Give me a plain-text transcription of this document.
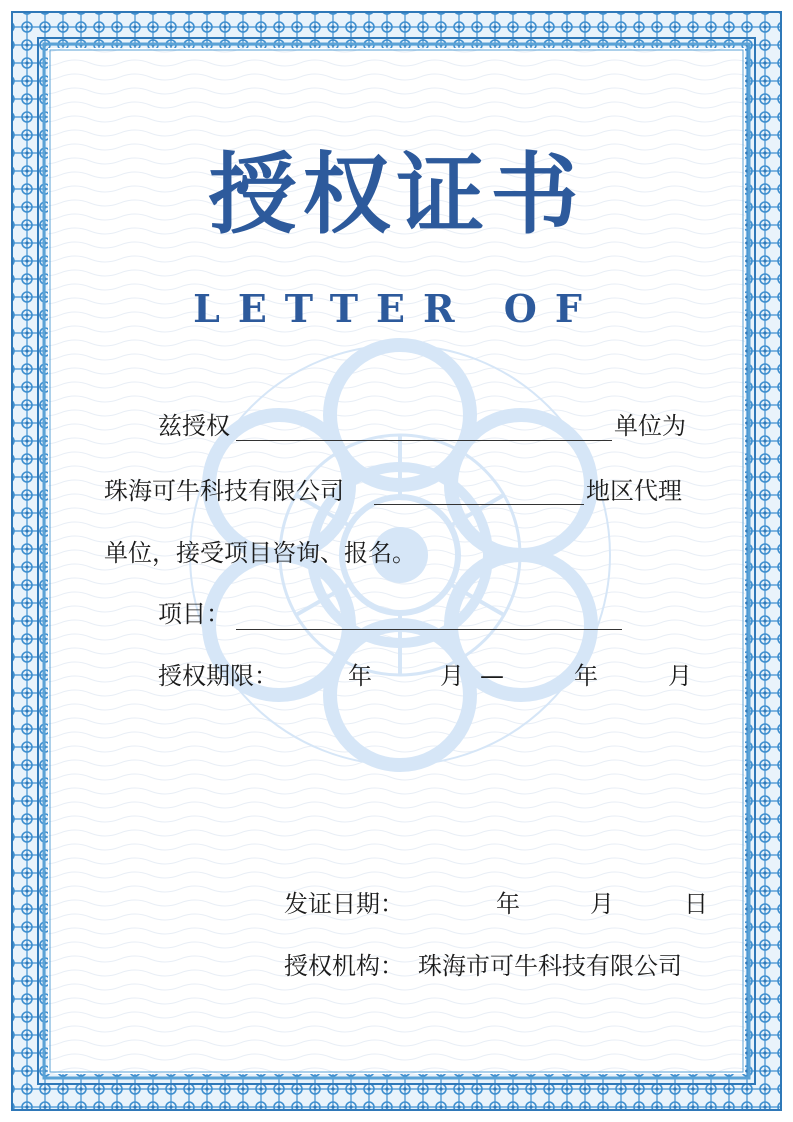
授权证书
LETTER OF
兹授权	单位为
珠海可牛科技有限公司	地区代理
单位，接受项目咨询、报名。
项目：
授权期限：	年	月 —	年	月
发证日期：	年	月	日
授权机构： 珠海市可牛科技有限公司
